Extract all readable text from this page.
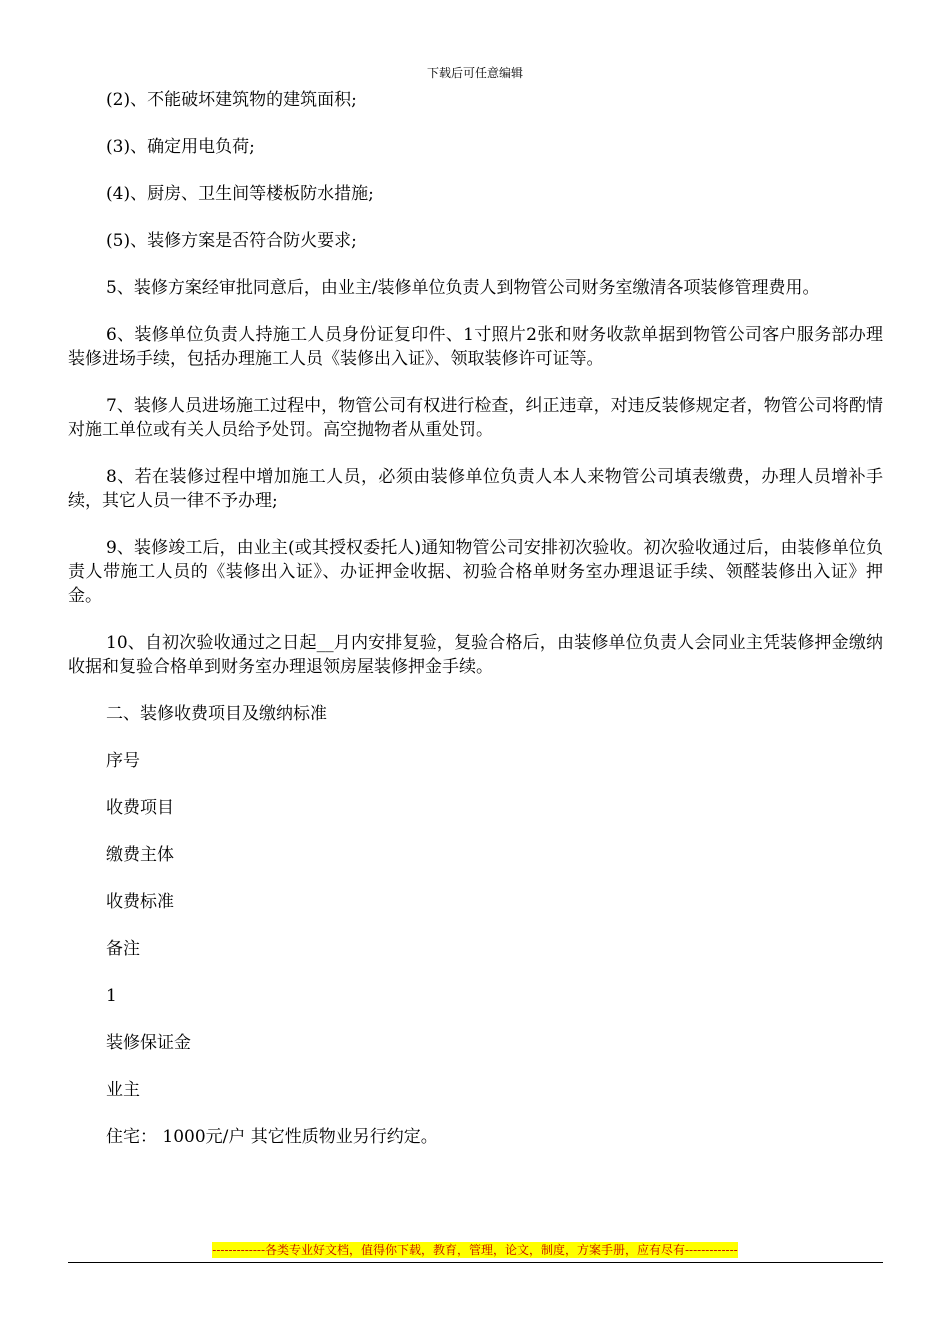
下载后可任意编辑

(2)、不能破坏建筑物的建筑面积;

(3)、确定用电负荷;

(4)、厨房、卫生间等楼板防水措施;

(5)、装修方案是否符合防火要求;

5、装修方案经审批同意后，由业主/装修单位负责人到物管公司财务室缴清各项装修管理费用。

6、装修单位负责人持施工人员身份证复印件、1寸照片2张和财务收款单据到物管公司客户服务部办理装修进场手续，包括办理施工人员《装修出入证》、领取装修许可证等。

7、装修人员进场施工过程中，物管公司有权进行检查，纠正违章，对违反装修规定者，物管公司将酌情对施工单位或有关人员给予处罚。高空抛物者从重处罚。

8、若在装修过程中增加施工人员，必须由装修单位负责人本人来物管公司填表缴费，办理人员增补手续，其它人员一律不予办理;

9、装修竣工后，由业主(或其授权委托人)通知物管公司安排初次验收。初次验收通过后，由装修单位负责人带施工人员的《装修出入证》、办证押金收据、初验合格单财务室办理退证手续、领醛装修出入证》押金。

10、自初次验收通过之日起__月内安排复验，复验合格后，由装修单位负责人会同业主凭装修押金缴纳收据和复验合格单到财务室办理退领房屋装修押金手续。

二、装修收费项目及缴纳标准

序号

收费项目

缴费主体

收费标准

备注

1

装修保证金

业主

住宅： 1000元/户 其它性质物业另行约定。

-------------各类专业好文档，值得你下载，教育，管理，论文，制度，方案手册，应有尽有-------------
